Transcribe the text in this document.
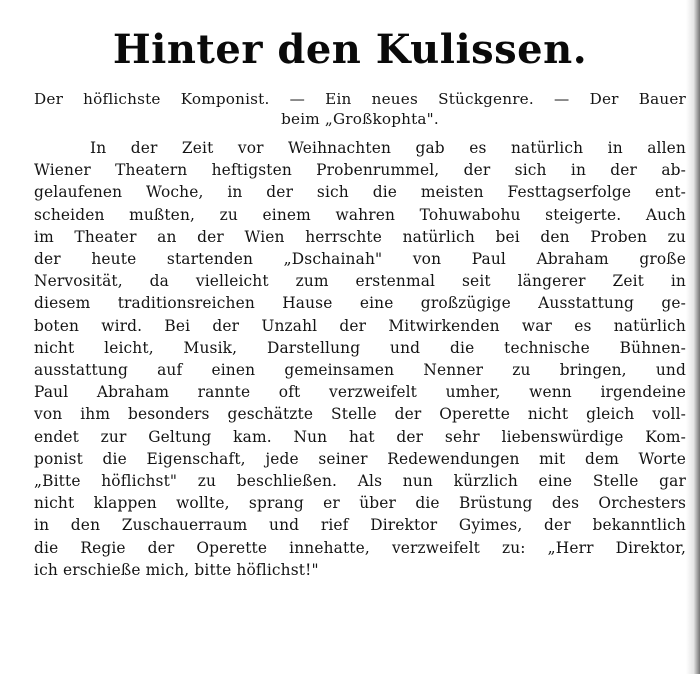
Hinter den Kulissen.
Der höflichste Komponist. — Ein neues Stückgenre. — Der Bauer
beim „Großkophta".
In der Zeit vor Weihnachten gab es natürlich in allen
Wiener Theatern heftigsten Probenrummel, der sich in der ab-
gelaufenen Woche, in der sich die meisten Festtagserfolge ent-
scheiden mußten, zu einem wahren Tohuwabohu steigerte. Auch
im Theater an der Wien herrschte natürlich bei den Proben zu
der heute startenden „Dschainah" von Paul Abraham große
Nervosität, da vielleicht zum erstenmal seit längerer Zeit in
diesem traditionsreichen Hause eine großzügige Ausstattung ge-
boten wird. Bei der Unzahl der Mitwirkenden war es natürlich
nicht leicht, Musik, Darstellung und die technische Bühnen-
ausstattung auf einen gemeinsamen Nenner zu bringen, und
Paul Abraham rannte oft verzweifelt umher, wenn irgendeine
von ihm besonders geschätzte Stelle der Operette nicht gleich voll-
endet zur Geltung kam. Nun hat der sehr liebenswürdige Kom-
ponist die Eigenschaft, jede seiner Redewendungen mit dem Worte
„Bitte höflichst" zu beschließen. Als nun kürzlich eine Stelle gar
nicht klappen wollte, sprang er über die Brüstung des Orchesters
in den Zuschauerraum und rief Direktor Gyimes, der bekanntlich
die Regie der Operette innehatte, verzweifelt zu: „Herr Direktor,
ich erschieße mich, bitte höflichst!"
